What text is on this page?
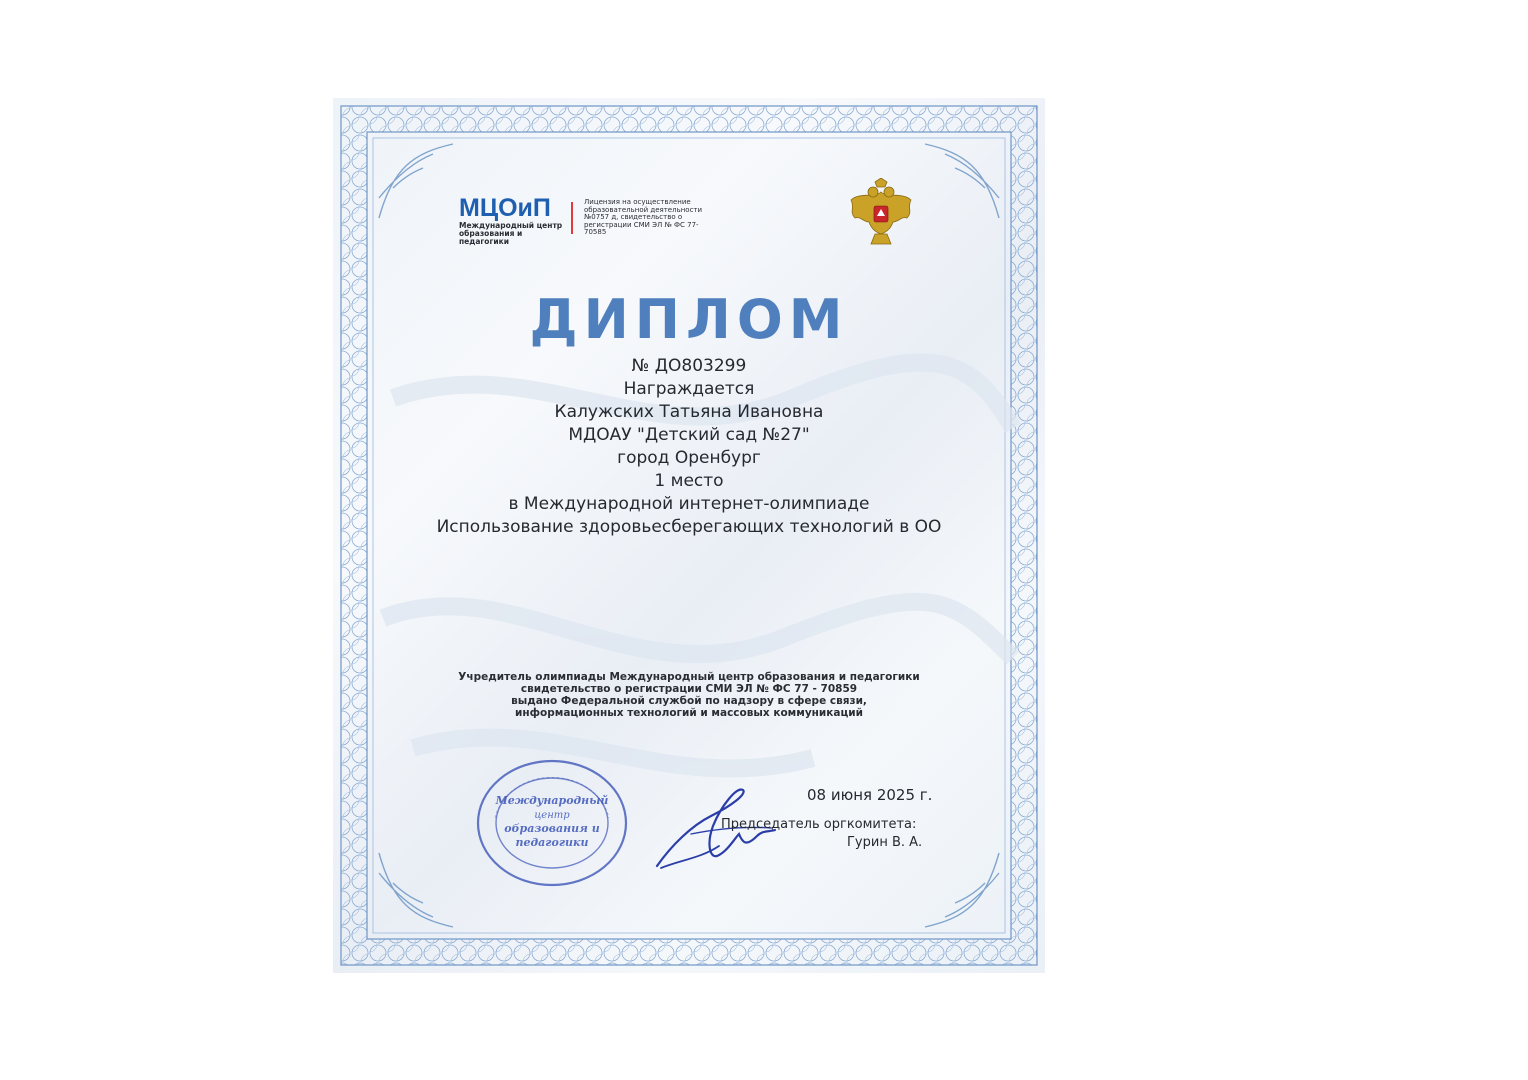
МЦОиП
Международный центр образования и педагогики
Лицензия на осуществление образовательной деятельности №0757 д, свидетельство о регистрации СМИ ЭЛ № ФС 77-70585
ДИПЛОМ
№ ДО803299
Награждается
Калужских Татьяна Ивановна
МДОАУ "Детский сад №27"
город Оренбург
1 место
в Международной интернет-олимпиаде
Использование здоровьесберегающих технологий в ОО
Учредитель олимпиады Международный центр образования и педагогики
свидетельство о регистрации СМИ ЭЛ № ФС 77 - 70859
выдано Федеральной службой по надзору в сфере связи,
информационных технологий и массовых коммуникаций
Международный
центр
образования и
педагогики
08 июня 2025 г.
Председатель оргкомитета:
Гурин В. А.
